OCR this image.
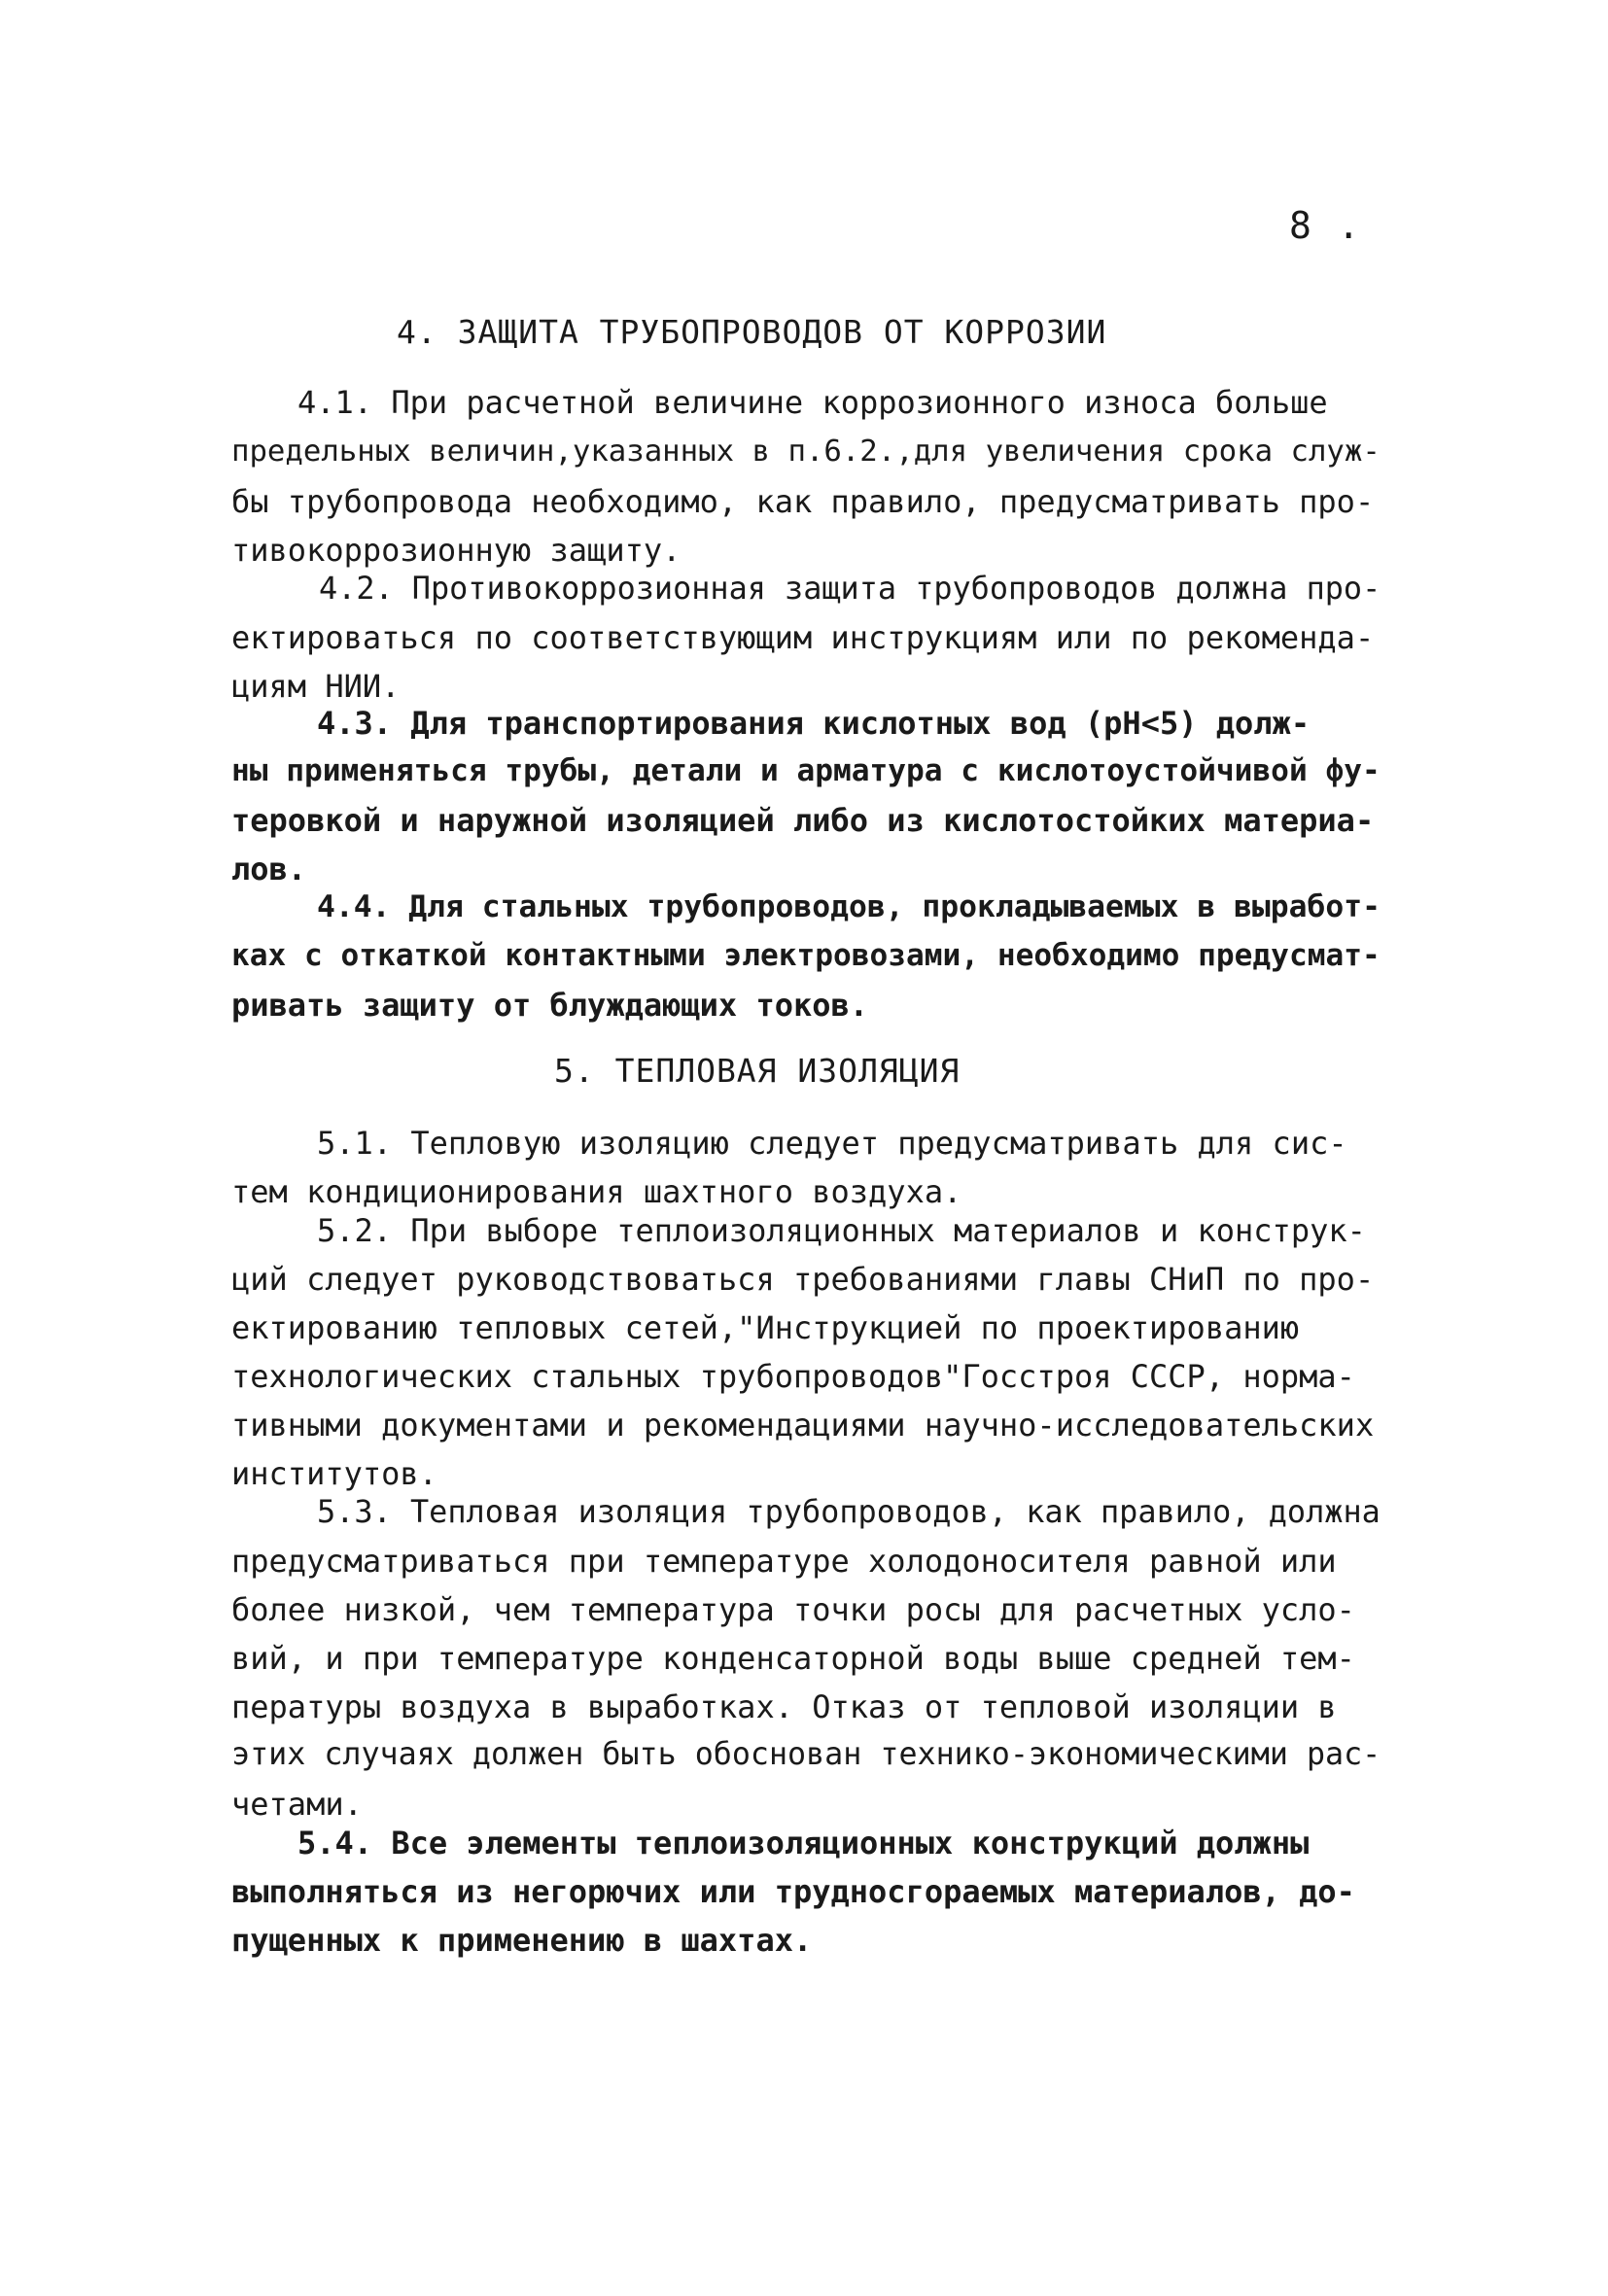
8 .
4. ЗАЩИТА ТРУБОПРОВОДОВ ОТ КОРРОЗИИ
4.1. При расчетной величине коррозионного износа больше
предельных величин,указанных в п.6.2.,для увеличения срока служ-
бы трубопровода необходимо, как правило, предусматривать про-
тивокоррозионную защиту.
4.2. Противокоррозионная защита трубопроводов должна про-
ектироваться по соответствующим инструкциям или по рекоменда-
циям НИИ.
4.3. Для транспортирования кислотных вод (рН<5) долж-
ны применяться трубы, детали и арматура с кислотоустойчивой фу-
теровкой и наружной изоляцией либо из кислотостойких материа-
лов.
4.4. Для стальных трубопроводов, прокладываемых в выработ-
ках с откаткой контактными электровозами, необходимо предусмат-
ривать защиту от блуждающих токов.
5. ТЕПЛОВАЯ ИЗОЛЯЦИЯ
5.1. Тепловую изоляцию следует предусматривать для сис-
тем кондиционирования шахтного воздуха.
5.2. При выборе теплоизоляционных материалов и конструк-
ций следует руководствоваться требованиями главы СНиП по про-
ектированию тепловых сетей,"Инструкцией по проектированию
технологических стальных трубопроводов"Госстроя СССР, норма-
тивными документами и рекомендациями научно-исследовательских
институтов.
5.3. Тепловая изоляция трубопроводов, как правило, должна
предусматриваться при температуре холодоносителя равной или
более низкой, чем температура точки росы для расчетных усло-
вий, и при температуре конденсаторной воды выше средней тем-
пературы воздуха в выработках. Отказ от тепловой изоляции в
этих случаях должен быть обоснован технико-экономическими рас-
четами.
5.4. Все элементы теплоизоляционных конструкций должны
выполняться из негорючих или трудносгораемых материалов, до-
пущенных к применению в шахтах.
